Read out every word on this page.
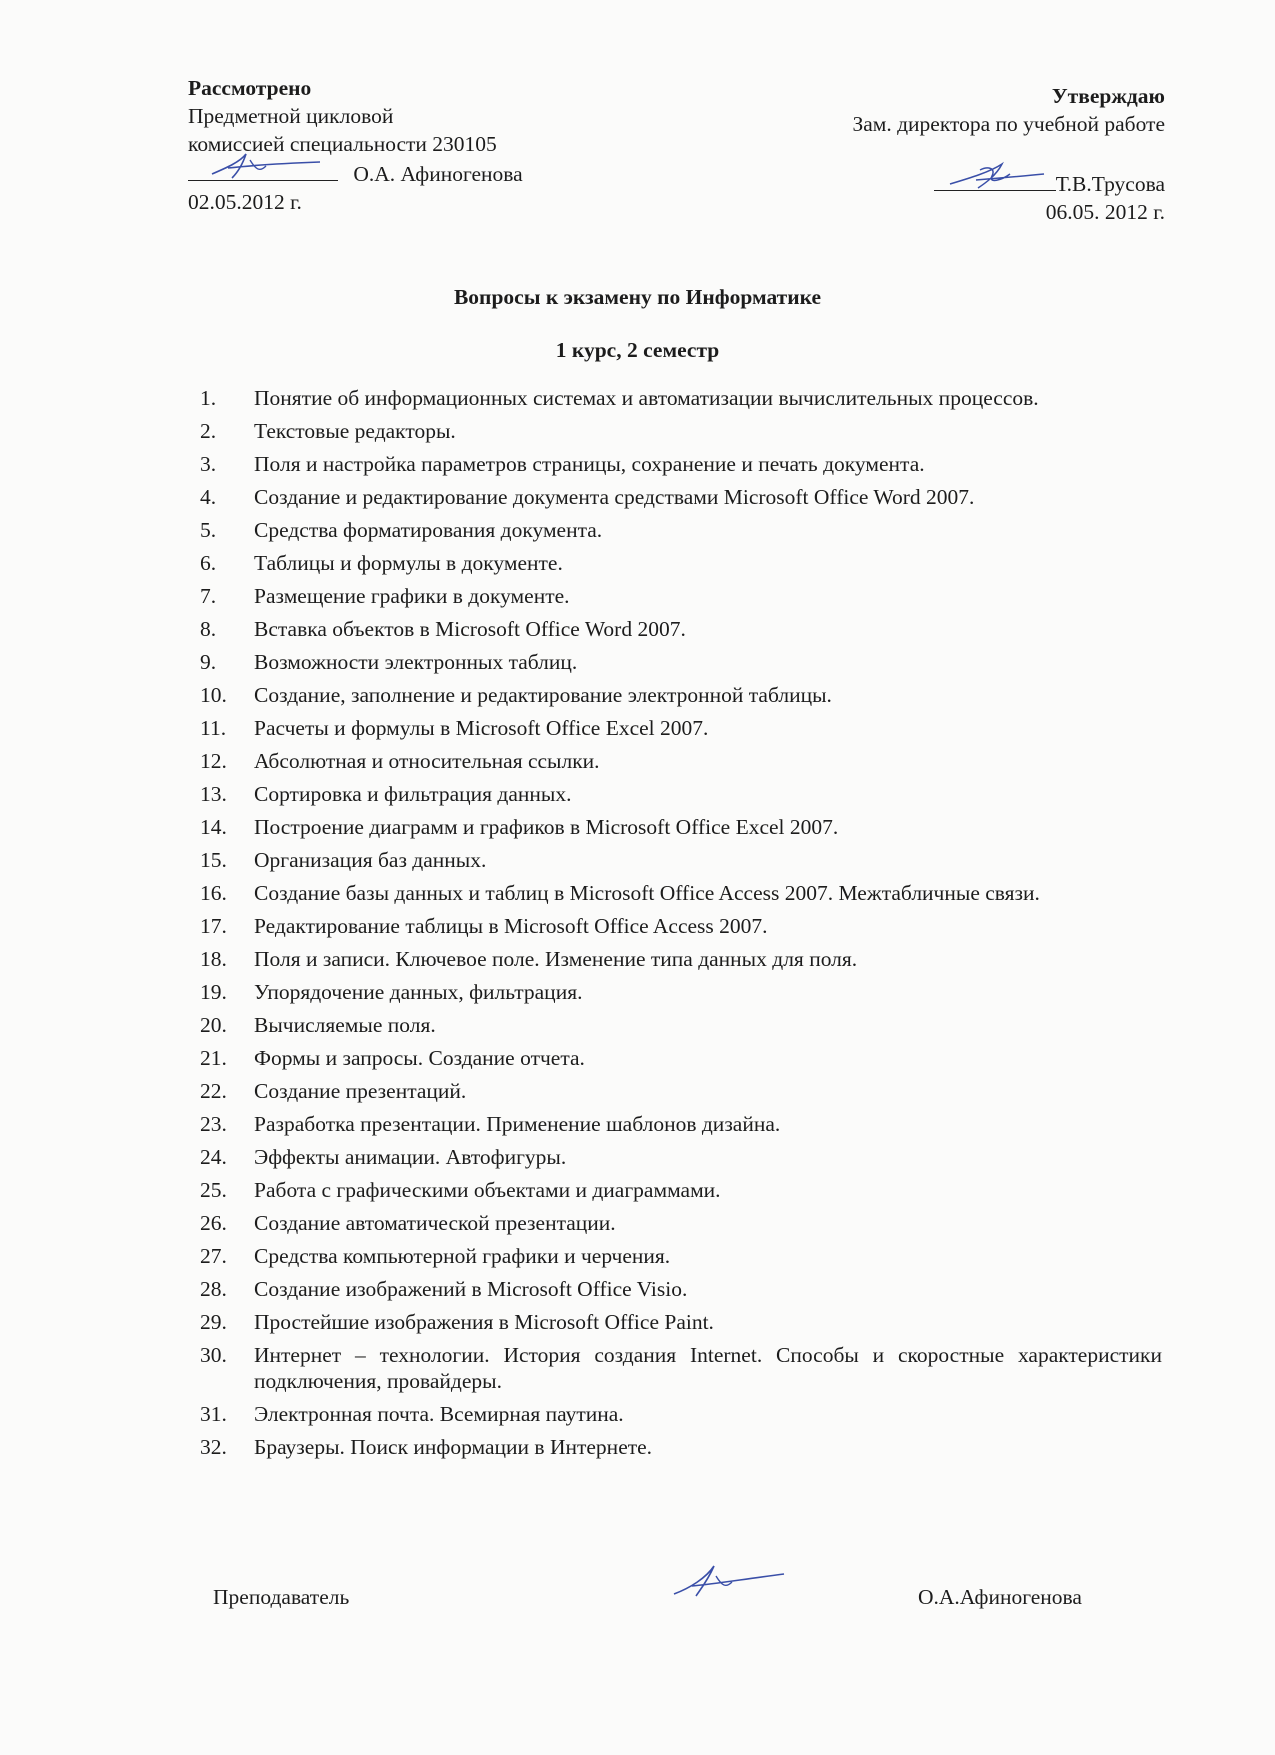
Рассмотрено
Предметной цикловой
комиссией специальности 230105
О.А. Афиногенова
02.05.2012 г.
Утверждаю
Зам. директора по учебной работе
Т.В.Трусова
06.05. 2012 г.
Вопросы к экзамену по Информатике
1 курс, 2 семестр
1.	Понятие об информационных системах и автоматизации вычислительных процессов.
2.	Текстовые редакторы.
3.	Поля и настройка параметров страницы, сохранение и печать документа.
4.	Создание и редактирование документа средствами Microsoft Office Word 2007.
5.	Средства форматирования документа.
6.	Таблицы и формулы в документе.
7.	Размещение графики в документе.
8.	Вставка объектов в Microsoft Office Word 2007.
9.	Возможности электронных таблиц.
10.	Создание, заполнение и редактирование электронной таблицы.
11.	Расчеты и формулы в Microsoft Office Excel 2007.
12.	Абсолютная и относительная ссылки.
13.	Сортировка и фильтрация данных.
14.	Построение диаграмм и графиков в Microsoft Office Excel 2007.
15.	Организация баз данных.
16.	Создание базы данных и таблиц в Microsoft Office Access 2007. Межтабличные связи.
17.	Редактирование таблицы в Microsoft Office Access 2007.
18.	Поля и записи. Ключевое поле. Изменение типа данных для поля.
19.	Упорядочение данных, фильтрация.
20.	Вычисляемые поля.
21.	Формы и запросы. Создание отчета.
22.	Создание презентаций.
23.	Разработка презентации. Применение шаблонов дизайна.
24.	Эффекты анимации. Автофигуры.
25.	Работа с графическими объектами и диаграммами.
26.	Создание автоматической презентации.
27.	Средства компьютерной графики и черчения.
28.	Создание изображений в Microsoft Office Visio.
29.	Простейшие изображения в Microsoft Office Paint.
30.	Интернет – технологии. История создания Internet. Способы и скоростные характеристики подключения, провайдеры.
31.	Электронная почта. Всемирная паутина.
32.	Браузеры. Поиск информации в Интернете.
Преподаватель	О.А.Афиногенова
